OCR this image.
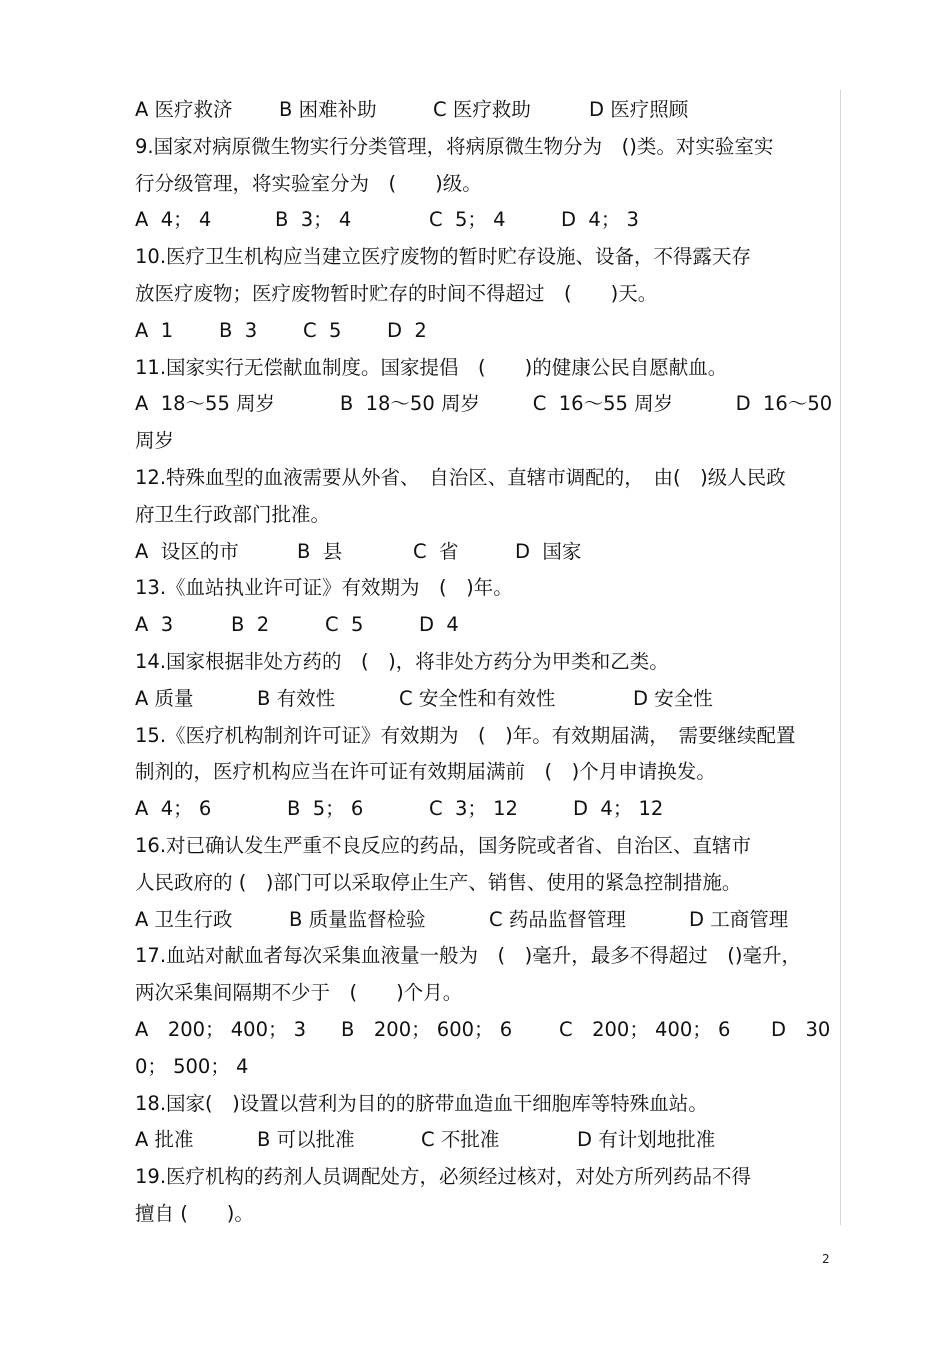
A 医疗救济	B 困难补助	C 医疗救助	D 医疗照顾
9.国家对病原微生物实行分类管理，将病原微生物分为　()类。对实验室实
行分级管理，将实验室分为　(　　)级。
A  4； 4	B  3； 4	C  5； 4	D  4； 3
10.医疗卫生机构应当建立医疗废物的暂时贮存设施、设备，不得露天存
放医疗废物；医疗废物暂时贮存的时间不得超过　(　　)天。
A  1	B  3	C  5	D  2
11.国家实行无偿献血制度。国家提倡　(　　)的健康公民自愿献血。
A  18～55 周岁	B  18～50 周岁	C  16～55 周岁	D  16～50
周岁
12.特殊血型的血液需要从外省、　自治区、直辖市调配的，　由(　)级人民政
府卫生行政部门批准。
A  设区的市	B  县	C  省	D  国家
13.《血站执业许可证》有效期为　(　)年。
A  3	B  2	C  5	D  4
14.国家根据非处方药的　(　)，将非处方药分为甲类和乙类。
A 质量	B 有效性	C 安全性和有效性	D 安全性
15.《医疗机构制剂许可证》有效期为　(　)年。有效期届满，　需要继续配置
制剂的，医疗机构应当在许可证有效期届满前　(　)个月申请换发。
A  4； 6	B  5； 6	C  3； 12	D  4； 12
16.对已确认发生严重不良反应的药品，国务院或者省、自治区、直辖市
人民政府的 (　)部门可以采取停止生产、销售、使用的紧急控制措施。
A 卫生行政	B 质量监督检验	C 药品监督管理	D 工商管理
17.血站对献血者每次采集血液量一般为　(　)毫升，最多不得超过　()毫升，
两次采集间隔期不少于　(　　)个月。
A　200； 400； 3	B　200； 600； 6	C　200； 400； 6	D　30
0； 500； 4
18.国家(　)设置以营利为目的的脐带血造血干细胞库等特殊血站。
A 批准	B 可以批准	C 不批准	D 有计划地批准
19.医疗机构的药剂人员调配处方，必须经过核对，对处方所列药品不得
擅自 (　　)。
2
